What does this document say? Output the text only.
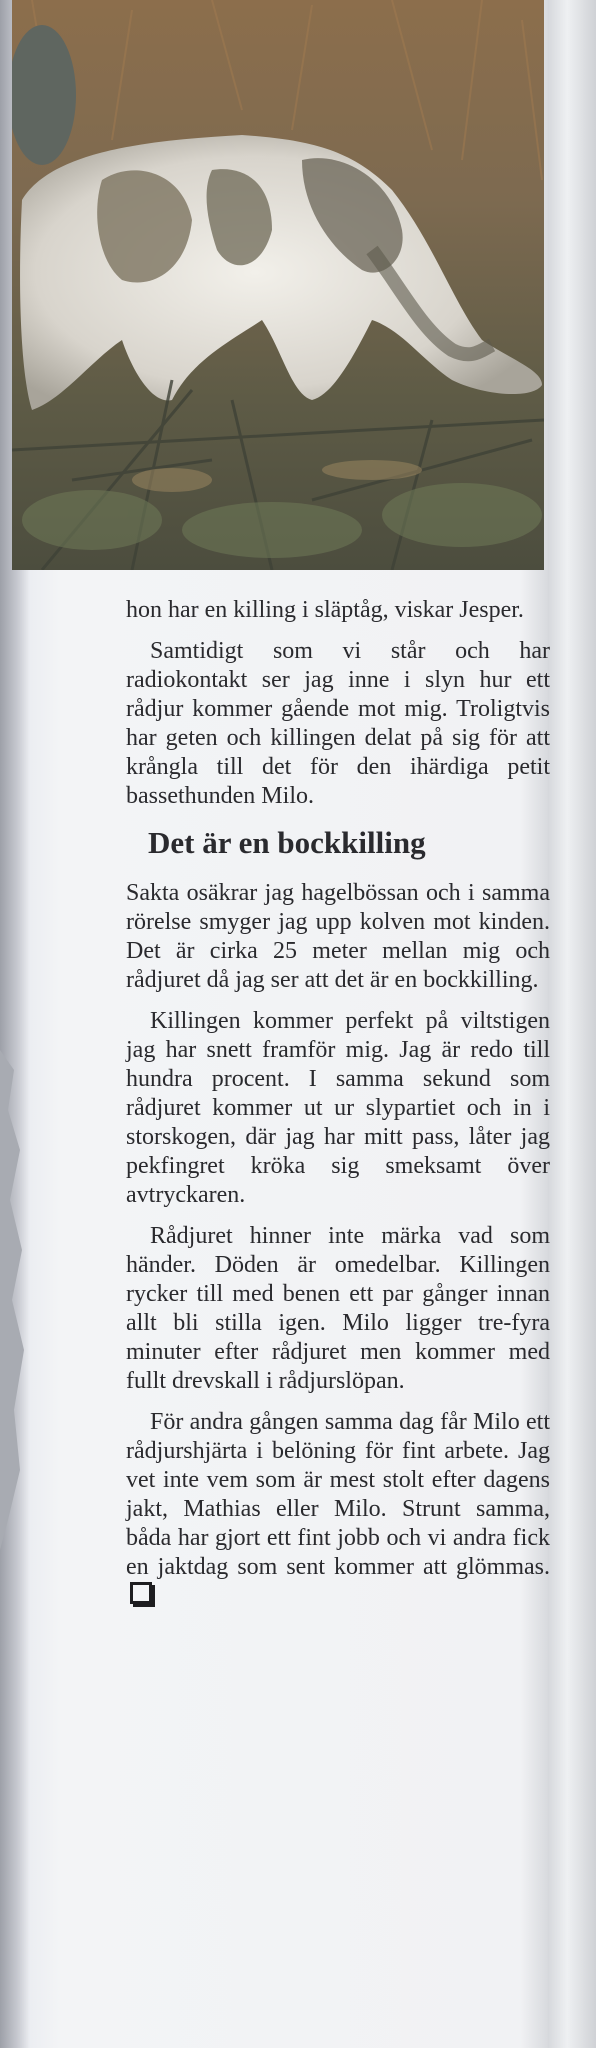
hon har en killing i släptåg, viskar Jesper.

Samtidigt som vi står och har radiokontakt ser jag inne i slyn hur ett rådjur kommer gående mot mig. Troligtvis har geten och killingen delat på sig för att krångla till det för den ihärdiga petit bassethunden Milo.

Det är en bockkilling

Sakta osäkrar jag hagelbössan och i samma rörelse smyger jag upp kolven mot kinden. Det är cirka 25 meter mellan mig och rådjuret då jag ser att det är en bockkilling.

Killingen kommer perfekt på viltstigen jag har snett framför mig. Jag är redo till hundra procent. I samma sekund som rådjuret kommer ut ur slypartiet och in i storskogen, där jag har mitt pass, låter jag pekfingret kröka sig smeksamt över avtryckaren.

Rådjuret hinner inte märka vad som händer. Döden är omedelbar. Killingen rycker till med benen ett par gånger innan allt bli stilla igen. Milo ligger tre-fyra minuter efter rådjuret men kommer med fullt drevskall i rådjurslöpan.

För andra gången samma dag får Milo ett rådjurshjärta i belöning för fint arbete. Jag vet inte vem som är mest stolt efter dagens jakt, Mathias eller Milo. Strunt samma, båda har gjort ett fint jobb och vi andra fick en jaktdag som sent kommer att glömmas.
